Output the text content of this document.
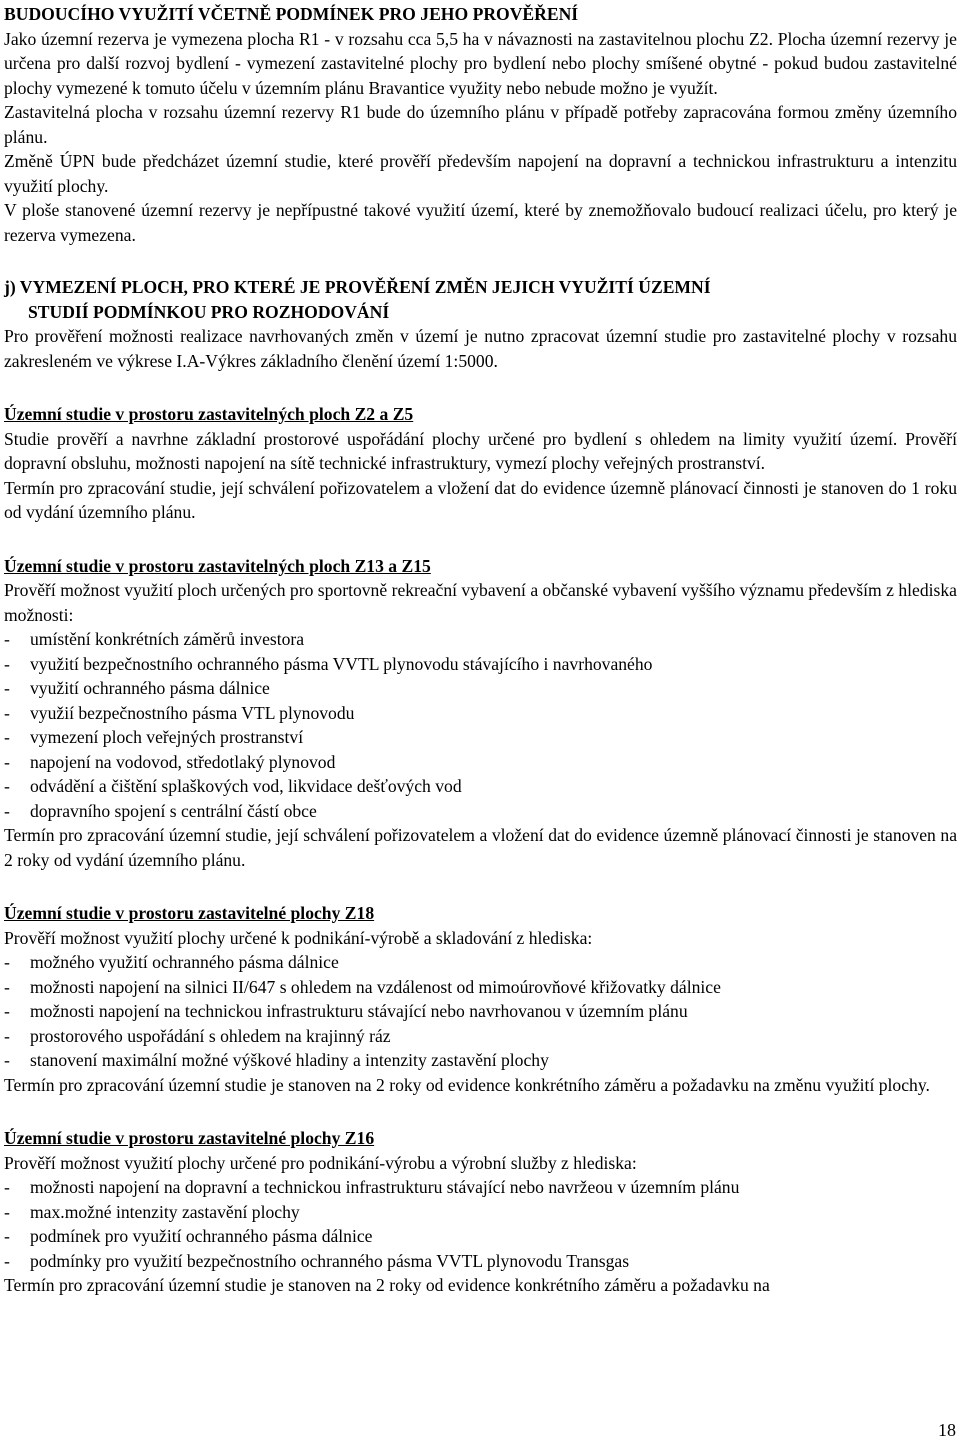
BUDOUCÍHO VYUŽITÍ VČETNĚ PODMÍNEK PRO JEHO PROVĚŘENÍ

Jako územní rezerva je vymezena plocha R1 - v rozsahu cca 5,5 ha v návaznosti na zastavitelnou plochu Z2. Plocha územní rezervy je určena pro další rozvoj bydlení - vymezení zastavitelné plochy pro bydlení nebo plochy smíšené obytné - pokud budou zastavitelné plochy vymezené k tomuto účelu v územním plánu Bravantice využity nebo nebude možno je využít.

Zastavitelná plocha v rozsahu územní rezervy R1 bude do územního plánu v případě potřeby zapracována formou změny územního plánu.

Změně ÚPN bude předcházet územní studie, které prověří především napojení na dopravní a technickou infrastrukturu a intenzitu využití plochy.

V ploše stanovené územní rezervy je nepřípustné takové využití území, které by znemožňovalo budoucí realizaci účelu, pro který je rezerva vymezena.

j) VYMEZENÍ PLOCH, PRO KTERÉ JE PROVĚŘENÍ ZMĚN JEJICH VYUŽITÍ ÚZEMNÍ
STUDIÍ PODMÍNKOU PRO ROZHODOVÁNÍ

Pro prověření možnosti realizace navrhovaných změn v území je nutno zpracovat územní studie pro zastavitelné plochy v rozsahu zakresleném ve výkrese I.A-Výkres základního členění území 1:5000.

Územní studie v prostoru zastavitelných ploch Z2 a Z5

Studie prověří a navrhne základní prostorové uspořádání plochy určené pro bydlení s ohledem na limity využití území. Prověří dopravní obsluhu, možnosti napojení na sítě technické infrastruktury, vymezí plochy veřejných prostranství.

Termín pro zpracování studie, její schválení pořizovatelem a vložení dat do evidence územně plánovací činnosti je stanoven do 1 roku od vydání územního plánu.

Územní studie v prostoru zastavitelných ploch Z13 a Z15

Prověří možnost využití ploch určených pro sportovně rekreační vybavení a občanské vybavení vyššího významu především z hlediska možnosti:

- umístění konkrétních záměrů investora
- využití bezpečnostního ochranného pásma VVTL plynovodu stávajícího i navrhovaného
- využití ochranného pásma dálnice
- využií bezpečnostního pásma VTL plynovodu
- vymezení ploch veřejných prostranství
- napojení na vodovod, středotlaký plynovod
- odvádění a čištění splaškových vod, likvidace dešťových vod
- dopravního spojení s centrální částí obce

Termín pro zpracování územní studie, její schválení pořizovatelem a vložení dat do evidence územně plánovací činnosti je stanoven na 2 roky od vydání územního plánu.

Územní studie v prostoru zastavitelné plochy Z18

Prověří možnost využití plochy určené k podnikání-výrobě a skladování z hlediska:

- možného využití ochranného pásma dálnice
- možnosti napojení na silnici II/647 s ohledem na vzdálenost od mimoúrovňové křižovatky dálnice
- možnosti napojení na technickou infrastrukturu stávající nebo navrhovanou v územním plánu
- prostorového uspořádání s ohledem na krajinný ráz
- stanovení maximální možné výškové hladiny a intenzity zastavění plochy

Termín pro zpracování územní studie je stanoven na 2 roky od evidence konkrétního záměru a požadavku na změnu využití plochy.

Územní studie v prostoru zastavitelné plochy Z16

Prověří možnost využití plochy určené pro podnikání-výrobu a výrobní služby z hlediska:

- možnosti napojení na dopravní a technickou infrastrukturu stávající nebo navržeou v územním plánu
- max.možné intenzity zastavění plochy
- podmínek pro využití ochranného pásma dálnice
- podmínky pro využití bezpečnostního ochranného pásma VVTL plynovodu Transgas

Termín pro zpracování územní studie je stanoven na 2 roky od evidence konkrétního záměru a požadavku na

18
